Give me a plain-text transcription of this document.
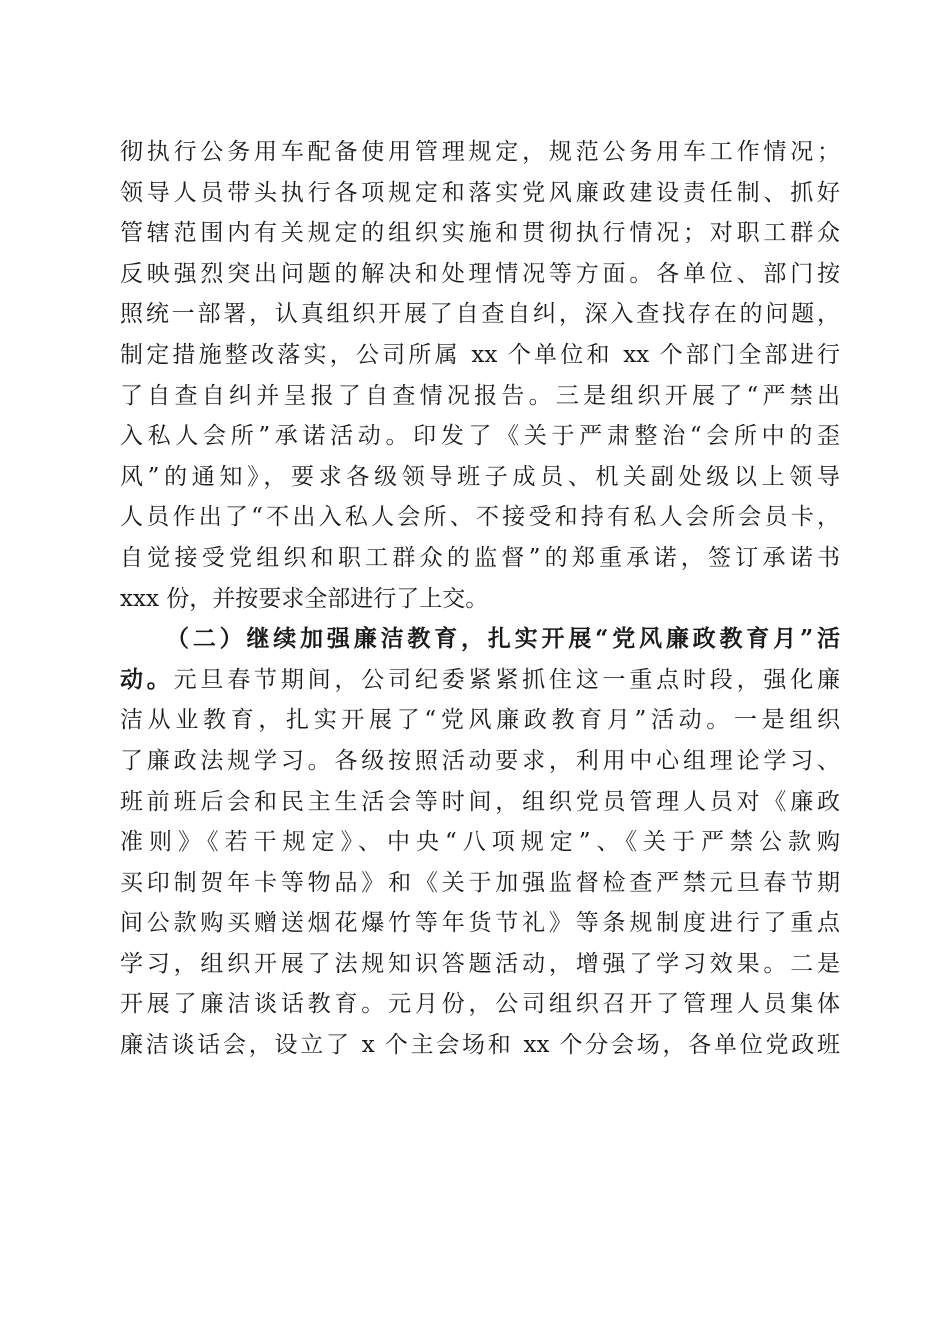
彻执行公务用车配备使用管理规定，规范公务用车工作情况；
领导人员带头执行各项规定和落实党风廉政建设责任制、抓好
管辖范围内有关规定的组织实施和贯彻执行情况；对职工群众
反映强烈突出问题的解决和处理情况等方面。各单位、部门按
照统一部署，认真组织开展了自查自纠，深入查找存在的问题，
制定措施整改落实，公司所属 xx 个单位和 xx 个部门全部进行
了自查自纠并呈报了自查情况报告。三是组织开展了“严禁出
入私人会所”承诺活动。印发了《关于严肃整治“会所中的歪
风”的通知》，要求各级领导班子成员、机关副处级以上领导
人员作出了“不出入私人会所、不接受和持有私人会所会员卡，
自觉接受党组织和职工群众的监督”的郑重承诺，签订承诺书
xxx 份，并按要求全部进行了上交。
（二）继续加强廉洁教育，扎实开展“党风廉政教育月”活
动。元旦春节期间，公司纪委紧紧抓住这一重点时段，强化廉
洁从业教育，扎实开展了“党风廉政教育月”活动。一是组织
了廉政法规学习。各级按照活动要求，利用中心组理论学习、
班前班后会和民主生活会等时间，组织党员管理人员对《廉政
准则》《若干规定》、中央“八项规定”、《关于严禁公款购
买印制贺年卡等物品》和《关于加强监督检查严禁元旦春节期
间公款购买赠送烟花爆竹等年货节礼》等条规制度进行了重点
学习，组织开展了法规知识答题活动，增强了学习效果。二是
开展了廉洁谈话教育。元月份，公司组织召开了管理人员集体
廉洁谈话会，设立了 x 个主会场和 xx 个分会场，各单位党政班
